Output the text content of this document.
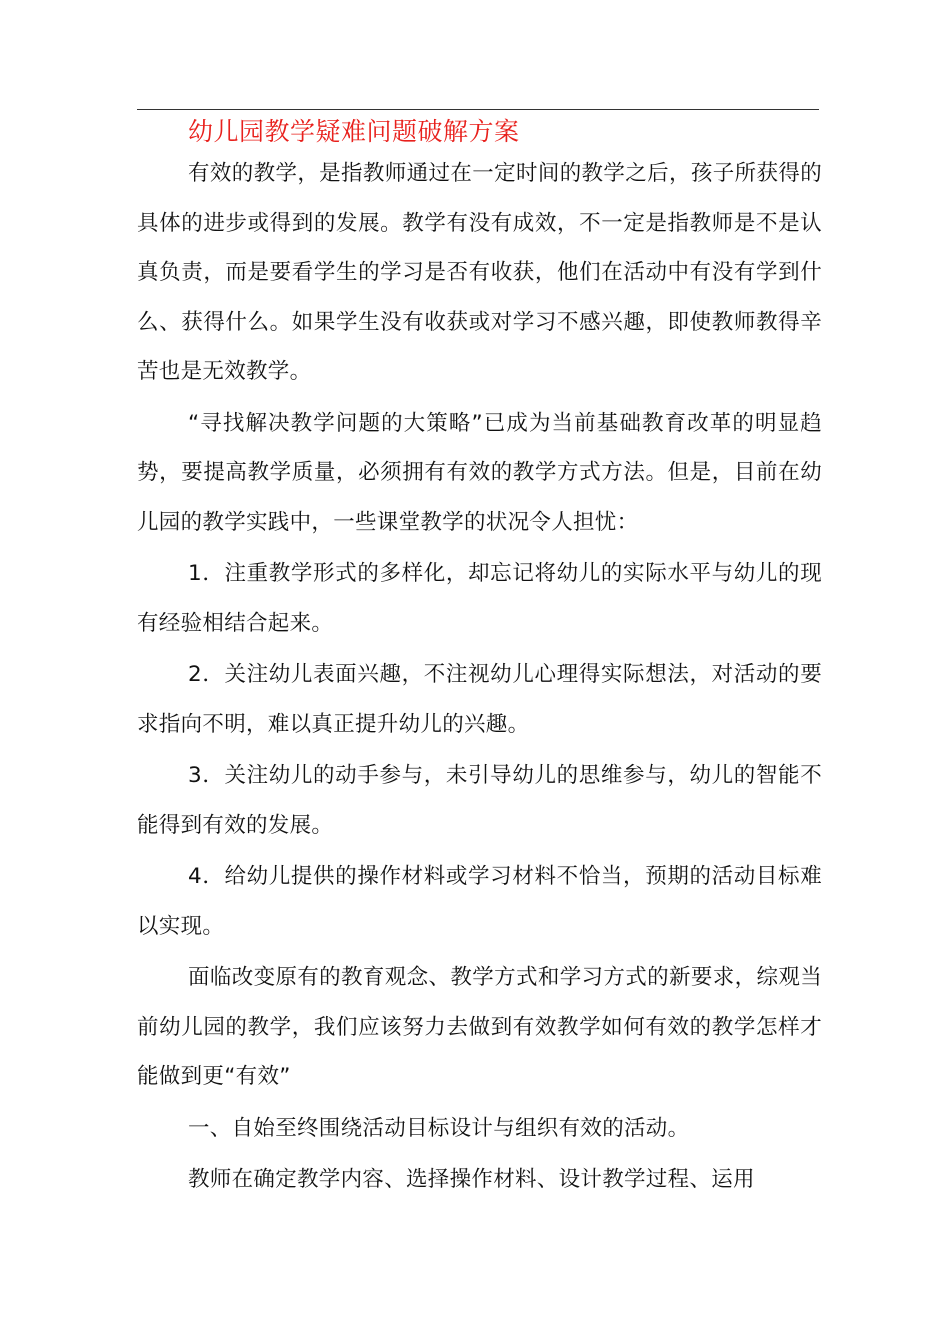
幼儿园教学疑难问题破解方案

有效的教学，是指教师通过在一定时间的教学之后，孩子所获得的具体的进步或得到的发展。教学有没有成效，不一定是指教师是不是认真负责，而是要看学生的学习是否有收获，他们在活动中有没有学到什么、获得什么。如果学生没有收获或对学习不感兴趣，即使教师教得辛苦也是无效教学。

“寻找解决教学问题的大策略”已成为当前基础教育改革的明显趋势，要提高教学质量，必须拥有有效的教学方式方法。但是，目前在幼儿园的教学实践中，一些课堂教学的状况令人担忧：

1．注重教学形式的多样化，却忘记将幼儿的实际水平与幼儿的现有经验相结合起来。

2．关注幼儿表面兴趣，不注视幼儿心理得实际想法，对活动的要求指向不明，难以真正提升幼儿的兴趣。

3．关注幼儿的动手参与，未引导幼儿的思维参与，幼儿的智能不能得到有效的发展。

4．给幼儿提供的操作材料或学习材料不恰当，预期的活动目标难以实现。

面临改变原有的教育观念、教学方式和学习方式的新要求，综观当前幼儿园的教学，我们应该努力去做到有效教学如何有效的教学怎样才能做到更“有效”

一、自始至终围绕活动目标设计与组织有效的活动。

教师在确定教学内容、选择操作材料、设计教学过程、运用
